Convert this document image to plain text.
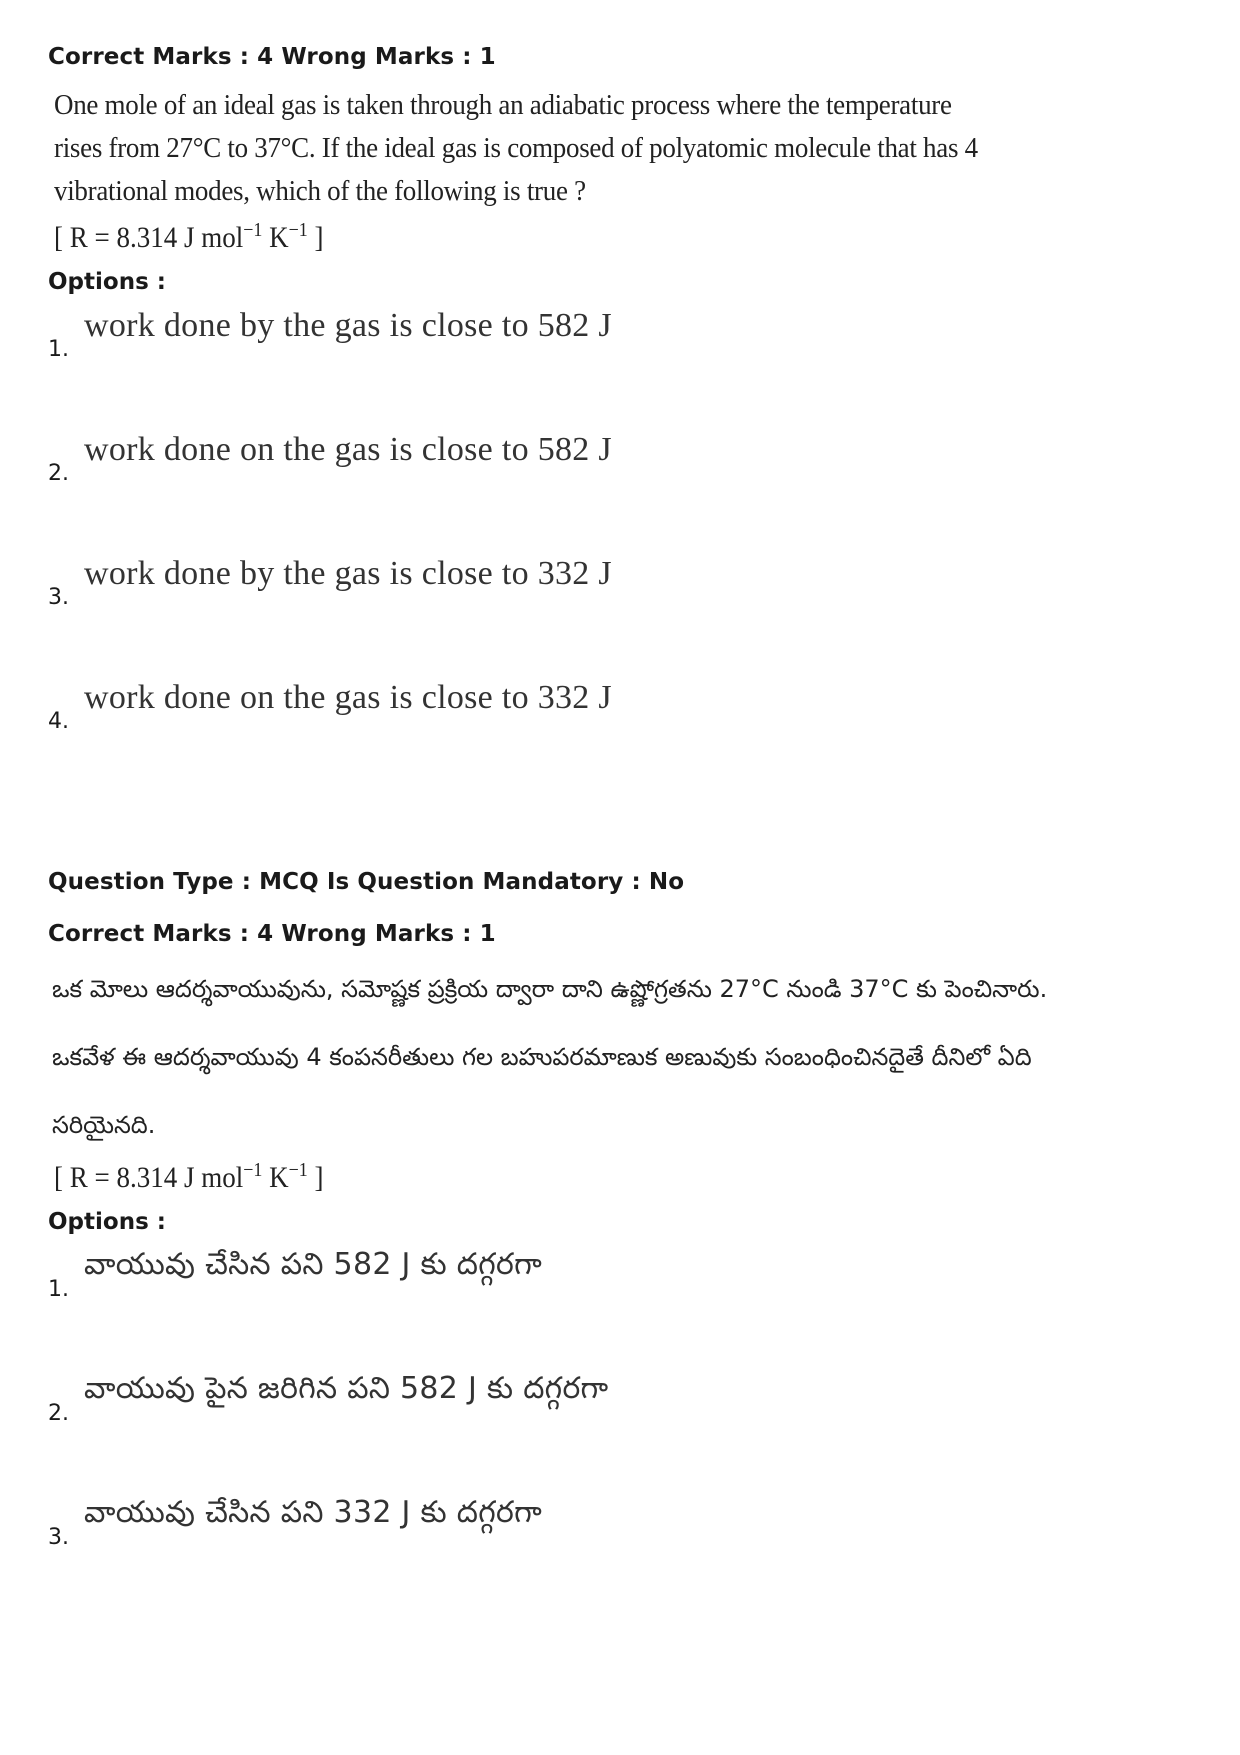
Correct Marks : 4 Wrong Marks : 1

One mole of an ideal gas is taken through an adiabatic process where the temperature rises from 27°C to 37°C. If the ideal gas is composed of polyatomic molecule that has 4 vibrational modes, which of the following is true ?
[ R = 8.314 J mol$^{-1}$ $K^{-1}$ ]

Options :

1.
work done by the gas is close to 582 J
2.
work done on the gas is close to 582 J
3.
work done by the gas is close to 332 J
4.
work done on the gas is close to 332 J

Question Type : MCQ Is Question Mandatory : No

Correct Marks : 4 Wrong Marks : 1

ఒక మోలు ఆదర్శవాయువును, సమోష్ణక ప్రక్రియ ద్వారా దాని ఉష్ణోగ్రతను 27°C నుండి 37°C కు పెంచినారు. ఒకవేళ ఈ ఆదర్శవాయువు 4 కంపనరీతులు గల బహుపరమాణుక అణువుకు సంబంధించినదైతే దీనిలో ఏది సరియైనది.
[ R = 8.314 J mol$^{-1}$ $K^{-1}$ ]

Options :

1.
వాయువు చేసిన పని 582 J కు దగ్గరగా
2.
వాయువు పైన జరిగిన పని 582 J కు దగ్గరగా
3.
వాయువు చేసిన పని 332 J కు దగ్గరగా
